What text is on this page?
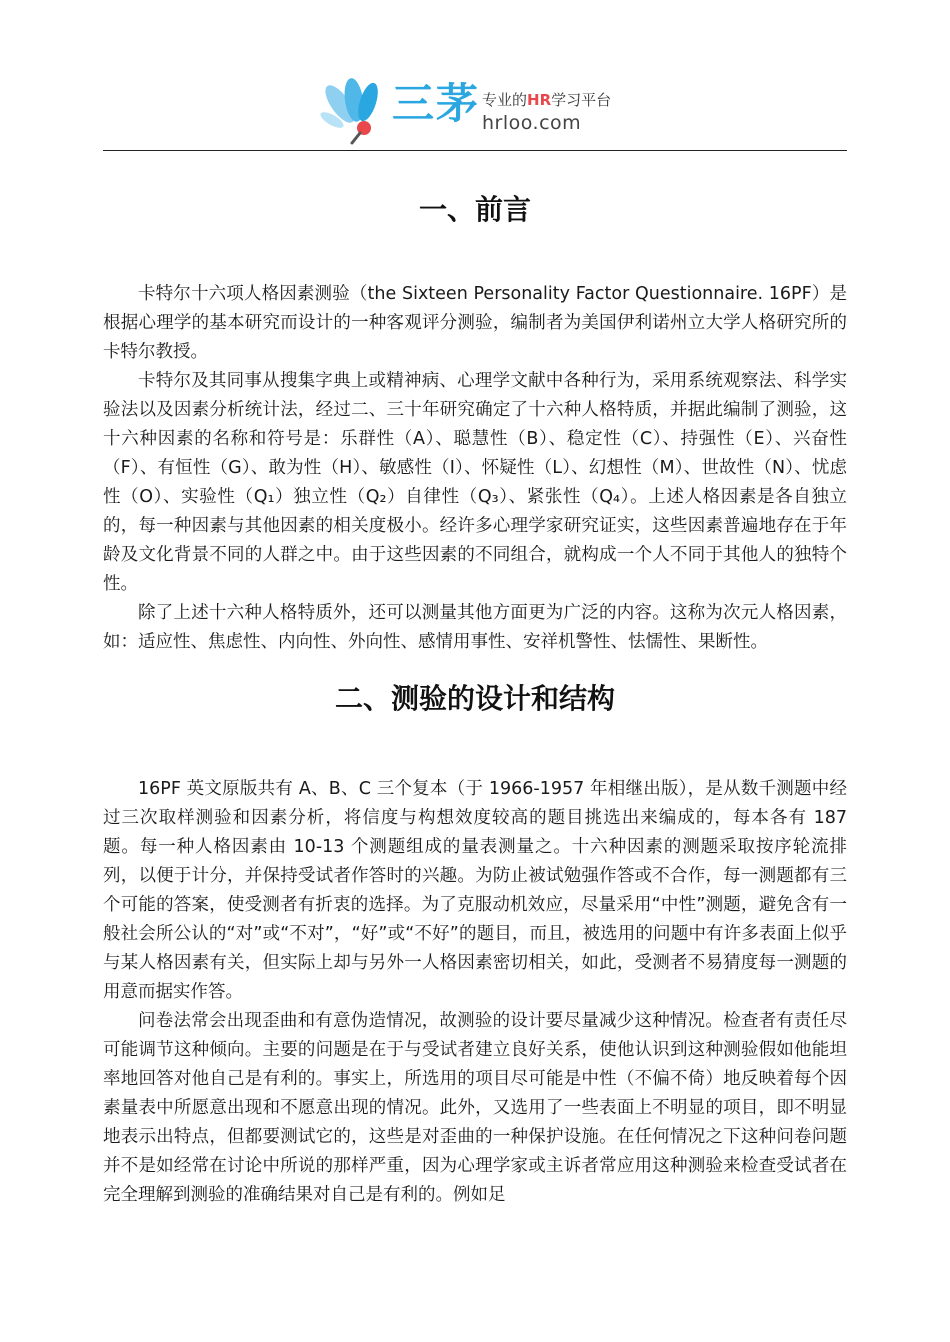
三茅 专业的HR学习平台
hrloo.com
一、前言

卡特尔十六项人格因素测验（the Sixteen Personality Factor Questionnaire. 16PF）是根据心理学的基本研究而设计的一种客观评分测验，编制者为美国伊利诺州立大学人格研究所的卡特尔教授。

卡特尔及其同事从搜集字典上或精神病、心理学文献中各种行为，采用系统观察法、科学实验法以及因素分析统计法，经过二、三十年研究确定了十六种人格特质，并据此编制了测验，这十六种因素的名称和符号是：乐群性（A）、聪慧性（B）、稳定性（C）、持强性（E）、兴奋性（F）、有恒性（G）、敢为性（H）、敏感性（I）、怀疑性（L）、幻想性（M）、世故性（N）、忧虑性（O）、实验性（Q₁）独立性（Q₂）自律性（Q₃）、紧张性（Q₄）。上述人格因素是各自独立的，每一种因素与其他因素的相关度极小。经许多心理学家研究证实，这些因素普遍地存在于年龄及文化背景不同的人群之中。由于这些因素的不同组合，就构成一个人不同于其他人的独特个性。

除了上述十六种人格特质外，还可以测量其他方面更为广泛的内容。这称为次元人格因素，如：适应性、焦虑性、内向性、外向性、感情用事性、安祥机警性、怯懦性、果断性。

二、测验的设计和结构

16PF 英文原版共有 A、B、C 三个复本（于 1966-1957 年相继出版），是从数千测题中经过三次取样测验和因素分析，将信度与构想效度较高的题目挑选出来编成的，每本各有 187 题。每一种人格因素由 10-13 个测题组成的量表测量之。十六种因素的测题采取按序轮流排列，以便于计分，并保持受试者作答时的兴趣。为防止被试勉强作答或不合作，每一测题都有三个可能的答案，使受测者有折衷的选择。为了克服动机效应，尽量采用“中性”测题，避免含有一般社会所公认的“对”或“不对”，“好”或“不好”的题目，而且，被选用的问题中有许多表面上似乎与某人格因素有关，但实际上却与另外一人格因素密切相关，如此，受测者不易猜度每一测题的用意而据实作答。

问卷法常会出现歪曲和有意伪造情况，故测验的设计要尽量减少这种情况。检查者有责任尽可能调节这种倾向。主要的问题是在于与受试者建立良好关系，使他认识到这种测验假如他能坦率地回答对他自己是有利的。事实上，所选用的项目尽可能是中性（不偏不倚）地反映着每个因素量表中所愿意出现和不愿意出现的情况。此外，又选用了一些表面上不明显的项目，即不明显地表示出特点，但都要测试它的，这些是对歪曲的一种保护设施。在任何情况之下这种问卷问题并不是如经常在讨论中所说的那样严重，因为心理学家或主诉者常应用这种测验来检查受试者在完全理解到测验的准确结果对自己是有利的。例如足
